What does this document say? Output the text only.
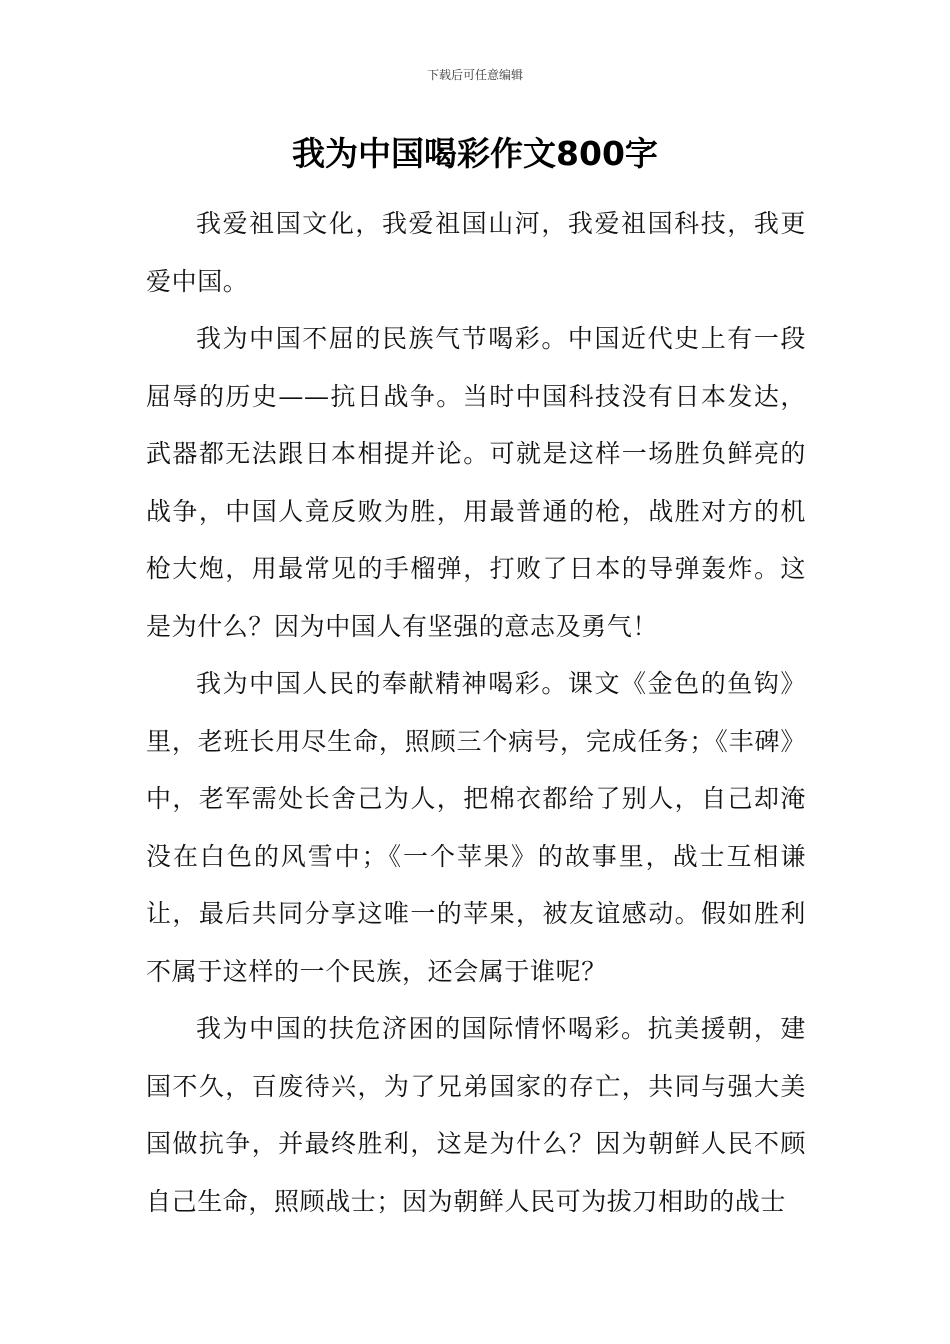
下载后可任意编辑
我为中国喝彩作文800字

我爱祖国文化，我爱祖国山河，我爱祖国科技，我更爱中国。

我为中国不屈的民族气节喝彩。中国近代史上有一段屈辱的历史——抗日战争。当时中国科技没有日本发达，武器都无法跟日本相提并论。可就是这样一场胜负鲜亮的战争，中国人竟反败为胜，用最普通的枪，战胜对方的机枪大炮，用最常见的手榴弹，打败了日本的导弹轰炸。这是为什么？因为中国人有坚强的意志及勇气！

我为中国人民的奉献精神喝彩。课文《金色的鱼钩》里，老班长用尽生命，照顾三个病号，完成任务；《丰碑》中，老军需处长舍己为人，把棉衣都给了别人，自己却淹没在白色的风雪中；《一个苹果》的故事里，战士互相谦让，最后共同分享这唯一的苹果，被友谊感动。假如胜利不属于这样的一个民族，还会属于谁呢？

我为中国的扶危济困的国际情怀喝彩。抗美援朝，建国不久，百废待兴，为了兄弟国家的存亡，共同与强大美国做抗争，并最终胜利，这是为什么？因为朝鲜人民不顾自己生命，照顾战士；因为朝鲜人民可为拔刀相助的战士
